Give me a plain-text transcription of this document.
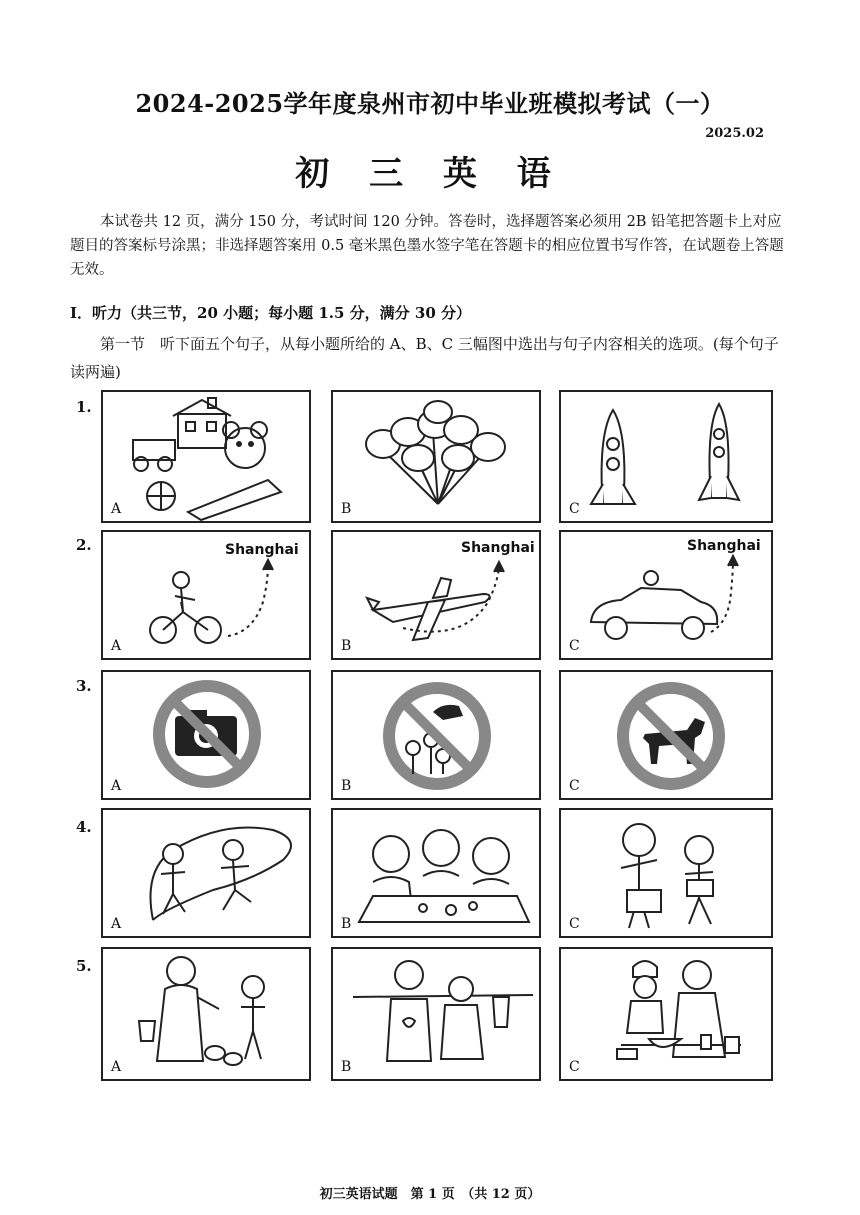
2024-2025学年度泉州市初中毕业班模拟考试（一）
2025.02
初 三 英 语
本试卷共 12 页，满分 150 分，考试时间 120 分钟。答卷时，选择题答案必须用 2B 铅笔把答题卡上对应题目的答案标号涂黑；非选择题答案用 0.5 毫米黑色墨水签字笔在答题卡的相应位置书写作答，在试题卷上答题无效。
Ⅰ．听力（共三节，20 小题；每小题 1.5 分，满分 30 分）
第一节　听下面五个句子，从每小题所给的 A、B、C 三幅图中选出与句子内容相关的选项。(每个句子读两遍)
1.
A	B	C
2.	Shanghai
A
Shanghai
B
Shanghai
C
3.
A	B	C
4.
A	B	C
5.
A	B	C
初三英语试题　第 1 页　（共 12 页）
